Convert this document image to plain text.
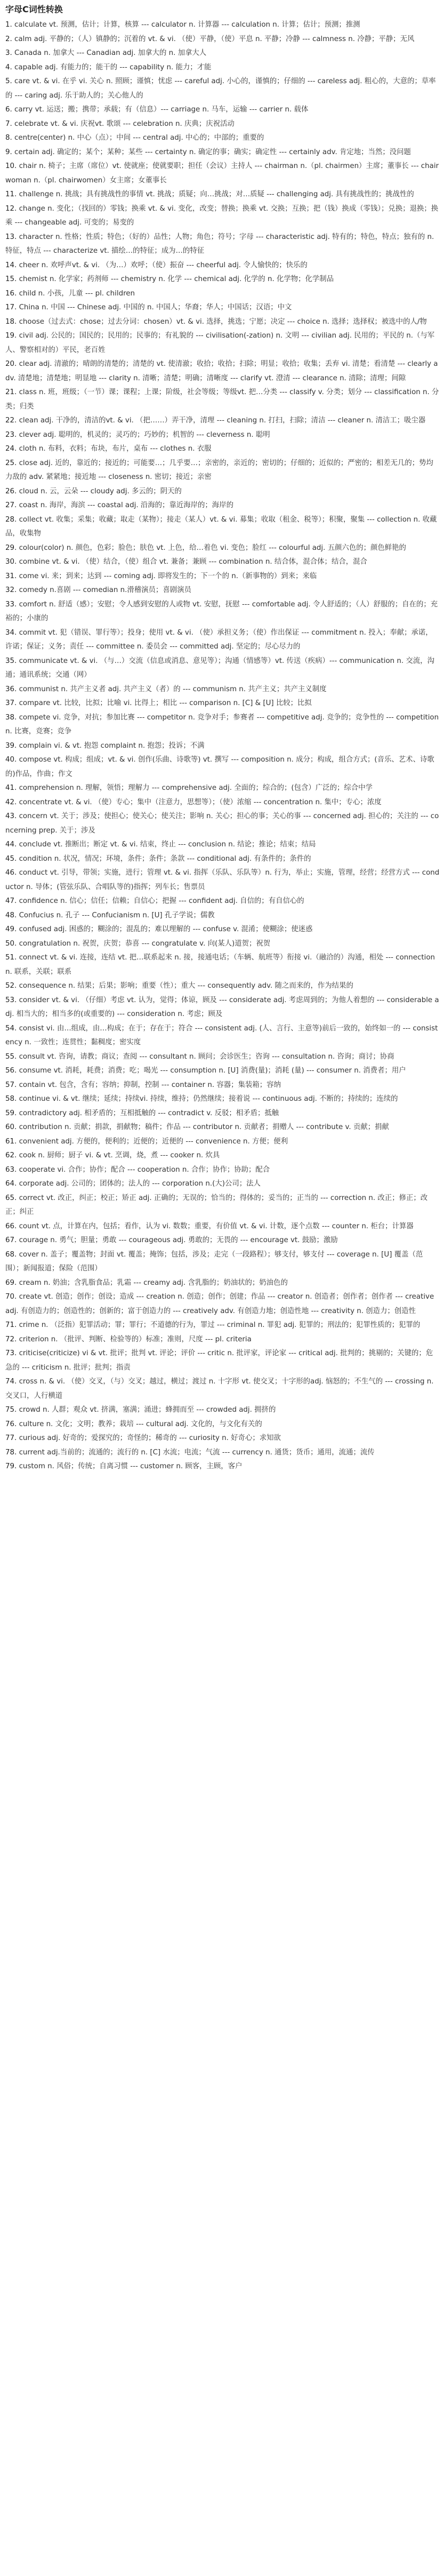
字母C词性转换

1. calculate vt. 预测，估计；计算，核算 --- calculator n. 计算器 --- calculation n. 计算；估计；预测；推测

2. calm adj. 平静的；（人）镇静的；沉着的 vt. & vi. （使）平静，（使）平息 n. 平静；冷静 --- calmness n. 冷静；平静；无风

3. Canada n. 加拿大 --- Canadian adj. 加拿大的 n. 加拿大人

4. capable adj. 有能力的；能干的 --- capability n. 能力；才能

5. care vt. & vi. 在乎 vi. 关心 n. 照顾；谨慎；忧虑 --- careful adj. 小心的，谨慎的；仔细的 --- careless adj. 粗心的，大意的；草率的 --- caring adj. 乐于助人的；关心他人的

6. carry vt. 运送；搬；携带；承载；有（信息）--- carriage n. 马车，运输 --- carrier n. 载体

7. celebrate vt. & vi. 庆祝vt. 歌颂 --- celebration n. 庆典；庆祝活动

8. centre(center) n. 中心（点）；中间 --- central adj. 中心的；中部的；重要的

9. certain adj. 确定的；某个；某种；某些 --- certainty n. 确定的事；确实；确定性 --- certainly adv. 肯定地；当然；没问题

10. chair n. 椅子；主席（席位）vt. 使就座；使就要职；担任（会议）主持人 --- chairman n.（pl. chairmen）主席；董事长 --- chairwoman n.（pl. chairwomen）女主席；女董事长

11. challenge n. 挑战；具有挑战性的事情 vt. 挑战；质疑；向…挑战；对…质疑 --- challenging adj. 具有挑战性的；挑战性的

12. change n. 变化；（找回的）零钱；换乘 vt. & vi. 变化，改变；替换；换乘 vt. 交换；互换；把（钱）换成（零钱）；兑换；退换；换乘 --- changeable adj. 可变的；易变的

13. character n. 性格；性质；特色；（好的）品性；人物；角色；符号；字母 --- characteristic adj. 特有的；特色，特点；独有的 n. 特征，特点 --- characterize vt. 描绘…的特征；成为…的特征

14. cheer n. 欢呼声vt. & vi. （为…）欢呼；（使）振奋 --- cheerful adj. 令人愉快的；快乐的

15. chemist n. 化学家；药剂师 --- chemistry n. 化学 --- chemical adj. 化学的 n. 化学物；化学制品

16. child n. 小孩，儿童 --- pl. children

17. China n. 中国 --- Chinese adj. 中国的 n. 中国人；华裔；华人；中国话；汉语；中文

18. choose（过去式：chose；过去分词：chosen）vt. & vi. 选择，挑选；宁愿；决定 --- choice n. 选择；选择权；被选中的人/物

19. civil adj. 公民的；国民的；民用的；民事的；有礼貌的 --- civilisation(-zation) n. 文明 --- civilian adj. 民用的；平民的 n.（与军人、警察相对的）平民，老百姓

20. clear adj. 清澈的；晴朗的清楚的；清楚的 vt. 使清澈；收拾；收拾；扫除；明显；收拾；收集；丢弃 vi. 清楚；看清楚 --- clearly adv. 清楚地；清楚地；明显地 --- clarity n. 清晰；清楚；明确；清晰度 --- clarify vt. 澄清 --- clearance n. 清除；清理；间隙

21. class n. 班，班级；（一节）课；课程；上课；阶级，社会等级；等级vt. 把…分类 --- classify v. 分类；划分 --- classification n. 分类；归类

22. clean adj. 干净的，清洁的vt. & vi. （把……）弄干净，清理 --- cleaning n. 打扫，扫除；清洁 --- cleaner n. 清洁工；吸尘器

23. clever adj. 聪明的，机灵的；灵巧的；巧妙的；机智的 --- cleverness n. 聪明

24. cloth n. 布料，衣料；布块，布片，桌布 --- clothes n. 衣服

25. close adj. 近的，靠近的；接近的；可能要…；几乎要…；亲密的，亲近的；密切的；仔细的；近似的；严密的；相差无几的；势均力敌的 adv. 紧紧地；接近地 --- closeness n. 密切；接近；亲密

26. cloud n. 云，云朵 --- cloudy adj. 多云的；阴天的

27. coast n. 海岸，海滨 --- coastal adj. 沿海的；靠近海岸的；海岸的

28. collect vt. 收集；采集；收藏；取走（某物）；接走（某人）vt. & vi. 募集；收取（租金、税等）；积聚，聚集 --- collection n. 收藏品，收集物

29. colour(color) n. 颜色，色彩；脸色；肤色 vt. 上色，给…着色 vi. 变色；脸红 --- colourful adj. 五颜六色的；颜色鲜艳的

30. combine vt. & vi. （使）结合，（使）组合 vt. 兼备；兼顾 --- combination n. 结合体，混合体；结合，混合

31. come vi. 来；到来；达到 --- coming adj. 即将发生的；下一个的 n.（新事物的）到来；来临

32. comedy n.喜剧 --- comedian n.滑稽演员；喜剧演员

33. comfort n. 舒适（感）；安慰；令人感到安慰的人或物 vt. 安慰，抚慰 --- comfortable adj. 令人舒适的；（人）舒服的；自在的；充裕的；小康的

34. commit vt. 犯（错误、罪行等）；投身；使用 vt. & vi. （使）承担义务；（使）作出保证 --- commitment n. 投入；奉献；承诺，许诺；保证；义务；责任 --- committee n. 委员会 --- committed adj. 坚定的；尽心尽力的

35. communicate vt. & vi. （与…）交流（信息或消息、意见等）；沟通（情感等）vt. 传送（疾病）--- communication n. 交流，沟通；通讯系统；交通（网）

36. communist n. 共产主义者 adj. 共产主义（者）的 --- communism n. 共产主义；共产主义制度

37. compare vt. 比较，比拟；比喻 vi. 比得上；相比 --- comparison n. [C] & [U] 比较；比拟

38. compete vi. 竞争，对抗；参加比赛 --- competitor n. 竞争对手；参赛者 --- competitive adj. 竞争的；竞争性的 --- competition n. 比赛，竞赛；竞争

39. complain vi. & vt. 抱怨 complaint n. 抱怨；投诉；不满

40. compose vt. 构成；组成；vt. & vi. 创作(乐曲、诗歌等) vt. 撰写 --- composition n. 成分；构成，组合方式；(音乐、艺术、诗歌的)作品，作曲；作文

41. comprehension n. 理解，领悟；理解力 --- comprehensive adj. 全面的；综合的；(包含）广泛的；综合中学

42. concentrate vt. & vi. （使）专心；集中（注意力，思想等）；（使）浓缩 --- concentration n. 集中；专心；浓度

43. concern vt. 关于；涉及；使担心；使关心；使关注；影响 n. 关心；担心的事；关心的事 --- concerned adj. 担心的；关注的 --- concerning prep. 关于；涉及

44. conclude vt. 推断出；断定 vt. & vi. 结束，终止 --- conclusion n. 结论；推论；结束；结局

45. condition n. 状况，情况；环境，条件；条件；条款 --- conditional adj. 有条件的；条件的

46. conduct vt. 引导，带领；实施，进行；管理 vt. & vi. 指挥（乐队、乐队等）n. 行为，举止；实施，管理，经营；经营方式 --- conductor n. 导体；(管弦乐队、合唱队等的)指挥；列车长；售票员

47. confidence n. 信心；信任；信赖；自信心；把握 --- confident adj. 自信的；有自信心的

48. Confucius n. 孔子 --- Confucianism n. [U] 孔子学说；儒教

49. confused adj. 困惑的；糊涂的；混乱的；难以理解的 --- confuse v. 混淆；使糊涂；使迷惑

50. congratulation n. 祝贺，庆贺；恭喜 --- congratulate v. 向(某人)道贺；祝贺

51. connect vt. & vi. 连接，连结 vt. 把…联系起来 n. 接，接通电话；（车辆、航班等）衔接 vi.（融洽的）沟通，相处 --- connection n. 联系，关联；联系

52. consequence n. 结果；后果；影响；重要（性）；重大 --- consequently adv. 随之而来的，作为结果的

53. consider vt. & vi. （仔细）考虑 vt. 认为，觉得；体谅，顾及 --- considerate adj. 考虑周到的；为他人着想的 --- considerable adj. 相当大的；相当多的(或重要的) --- consideration n. 考虑；顾及

54. consist vi. 由…组成，由…构成；在于；存在于；符合 --- consistent adj. (人、言行、主意等)前后一致的，始终如一的 --- consistency n. 一致性；连贯性；黏稠度；密实度

55. consult vt. 咨询，请教；商议；查阅 --- consultant n. 顾问；会诊医生；咨询 --- consultation n. 咨询；商讨；协商

56. consume vt. 消耗，耗费；消费；吃；喝光 --- consumption n. [U] 消费(量)；消耗 (量) --- consumer n. 消费者；用户

57. contain vt. 包含，含有；容纳；抑制，控制 --- container n. 容器；集装箱；容纳

58. continue vi. & vt. 继续；延续；持续vi. 持续，维持；仍然继续；接着说 --- continuous adj. 不断的；持续的；连续的

59. contradictory adj. 相矛盾的；互相抵触的 --- contradict v. 反驳；相矛盾；抵触

60. contribution n. 贡献；捐款，捐献物；稿件；作品 --- contributor n. 贡献者；捐赠人 --- contribute v. 贡献；捐献

61. convenient adj. 方便的，便利的；近便的；近便的 --- convenience n. 方便；便利

62. cook n. 厨师；厨子 vi. & vt. 烹调，烧，煮 --- cooker n. 炊具

63. cooperate vi. 合作；协作；配合 --- cooperation n. 合作；协作；协助；配合

64. corporate adj. 公司的；团体的；法人的 --- corporation n.(大)公司；法人

65. correct vt. 改正，纠正；校正；矫正 adj. 正确的；无误的；恰当的；得体的；妥当的；正当的 --- correction n. 改正；修正；改正；纠正

66. count vt. 点，计算在内，包括；看作，认为 vi. 数数；重要，有价值 vt. & vi. 计数，逐个点数 --- counter n. 柜台；计算器

67. courage n. 勇气；胆量；勇敢 --- courageous adj. 勇敢的；无畏的 --- encourage vt. 鼓励；激励

68. cover n. 盖子；覆盖物；封面 vt. 覆盖；掩饰；包括，涉及；走完（一段路程）；够支付，够支付 --- coverage n. [U] 覆盖（范围）；新闻报道；保险（范围）

69. cream n. 奶油；含乳脂食品；乳霜 --- creamy adj. 含乳脂的；奶油状的；奶油色的

70. create vt. 创造；创作；创设；造成 --- creation n. 创造；创作；创建；作品 --- creator n. 创造者；创作者；创作者 --- creative adj. 有创造力的；创造性的；创新的；富于创造力的 --- creatively adv. 有创造力地；创造性地 --- creativity n. 创造力；创造性

71. crime n. （泛指）犯罪活动；罪；罪行；不道德的行为，罪过 --- criminal n. 罪犯 adj. 犯罪的；刑法的；犯罪性质的；犯罪的

72. criterion n. （批评、判断、检验等的）标准；准则，尺度 --- pl. criteria

73. criticise(criticize) vi & vt. 批评；批判 vt. 评论；评价 --- critic n. 批评家，评论家 --- critical adj. 批判的；挑剔的；关键的；危急的 --- criticism n. 批评；批判；指责

74. cross n. & vi. （使）交叉，（与）交叉；越过，横过；渡过 n. 十字形 vt. 使交叉；十字形的adj. 恼怒的；不生气的 --- crossing n. 交叉口，人行横道

75. crowd n. 人群；观众 vt. 挤满，塞满；涌进；蜂拥而至 --- crowded adj. 拥挤的

76. culture n. 文化；文明；教养；栽培 --- cultural adj. 文化的，与文化有关的

77. curious adj. 好奇的；爱探究的；奇怪的；稀奇的 --- curiosity n. 好奇心；求知欲

78. current adj.当前的；流通的；流行的 n. [C] 水流；电流；气流 --- currency n. 通货；货币；通用，流通；流传

79. custom n. 风俗；传统；自离习惯 --- customer n. 顾客，主顾，客户
